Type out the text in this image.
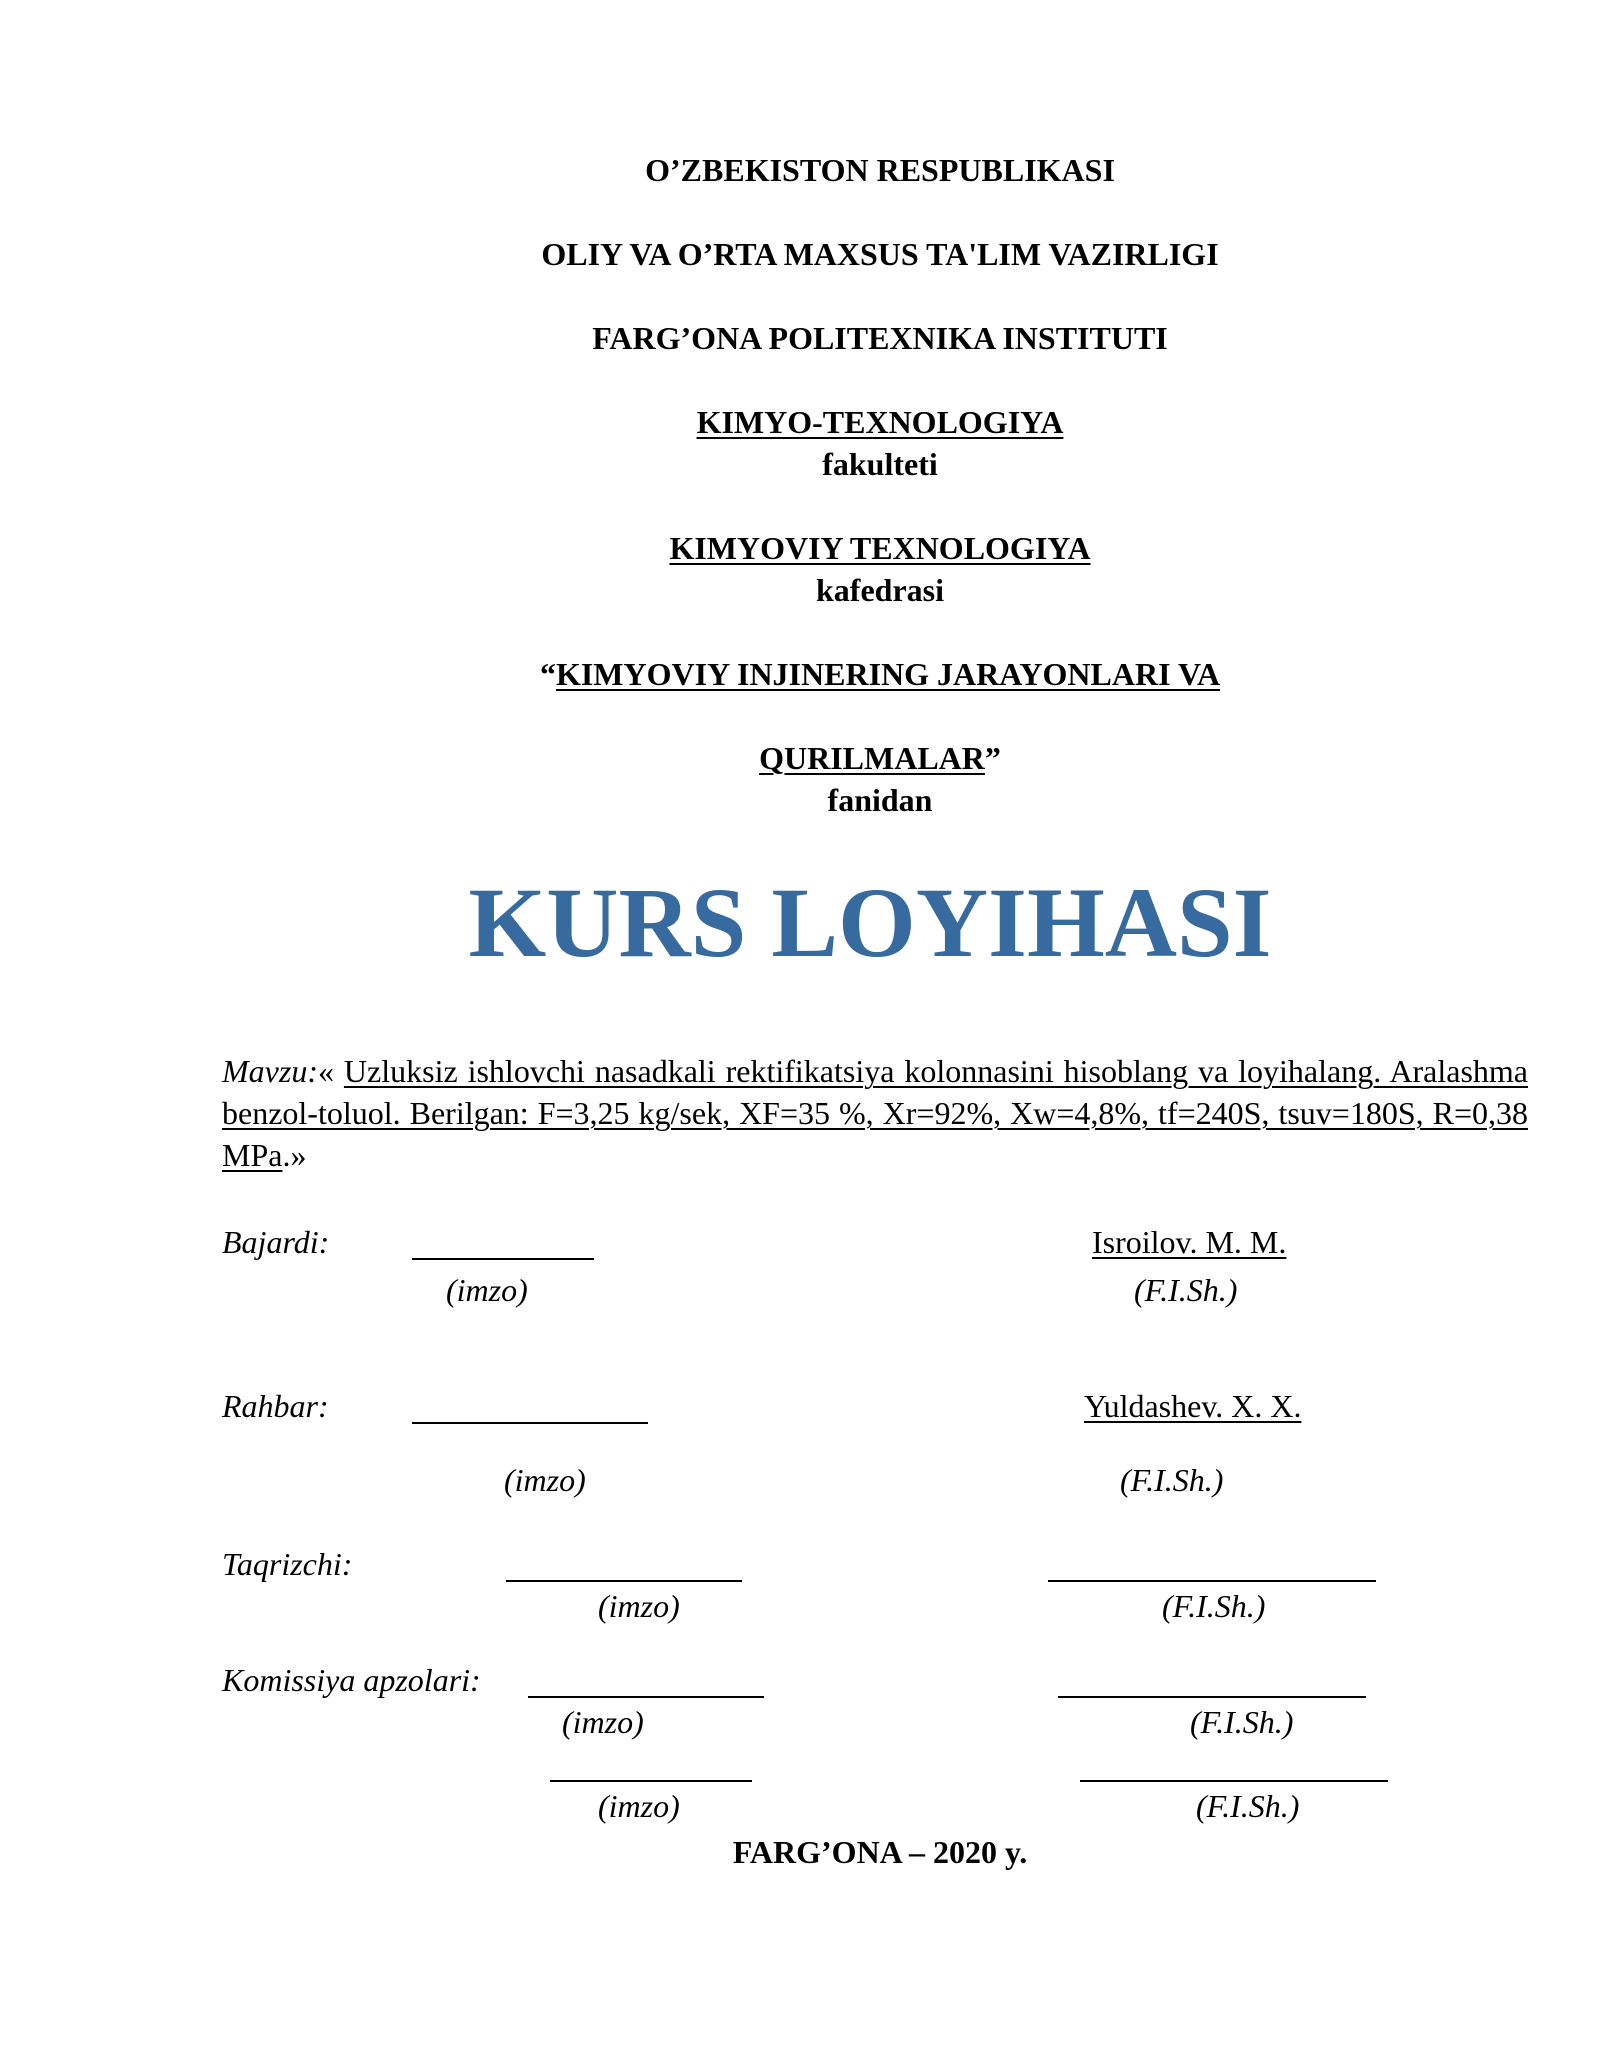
O’ZBEKISTON RESPUBLIKASI
OLIY VA O’RTA MAXSUS TA'LIM VAZIRLIGI
FARG’ONA POLITEXNIKA INSTITUTI
KIMYO-TEXNOLOGIYA
fakulteti
KIMYOVIY TEXNOLOGIYA
kafedrasi
“KIMYOVIY INJINERING JARAYONLARI VA
QURILMALAR”
fanidan
KURS LOYIHASI
Mavzu:« Uzluksiz ishlovchi nasadkali rektifikatsiya kolonnasini hisoblang va loyihalang. Aralashma benzol-toluol. Berilgan: F=3,25 kg/sek, XF=35 %, Xr=92%, Xw=4,8%, tf=240S, tsuv=180S, R=0,38 MPa.»
Bajardi:	Isroilov. M. M.
(imzo)	(F.I.Sh.)
Rahbar:	Yuldashev. X. X.
(imzo)	(F.I.Sh.)
Taqrizchi:
(imzo)	(F.I.Sh.)
Komissiya apzolari:
(imzo)	(F.I.Sh.)
(imzo)	(F.I.Sh.)
FARG’ONA – 2020 y.
